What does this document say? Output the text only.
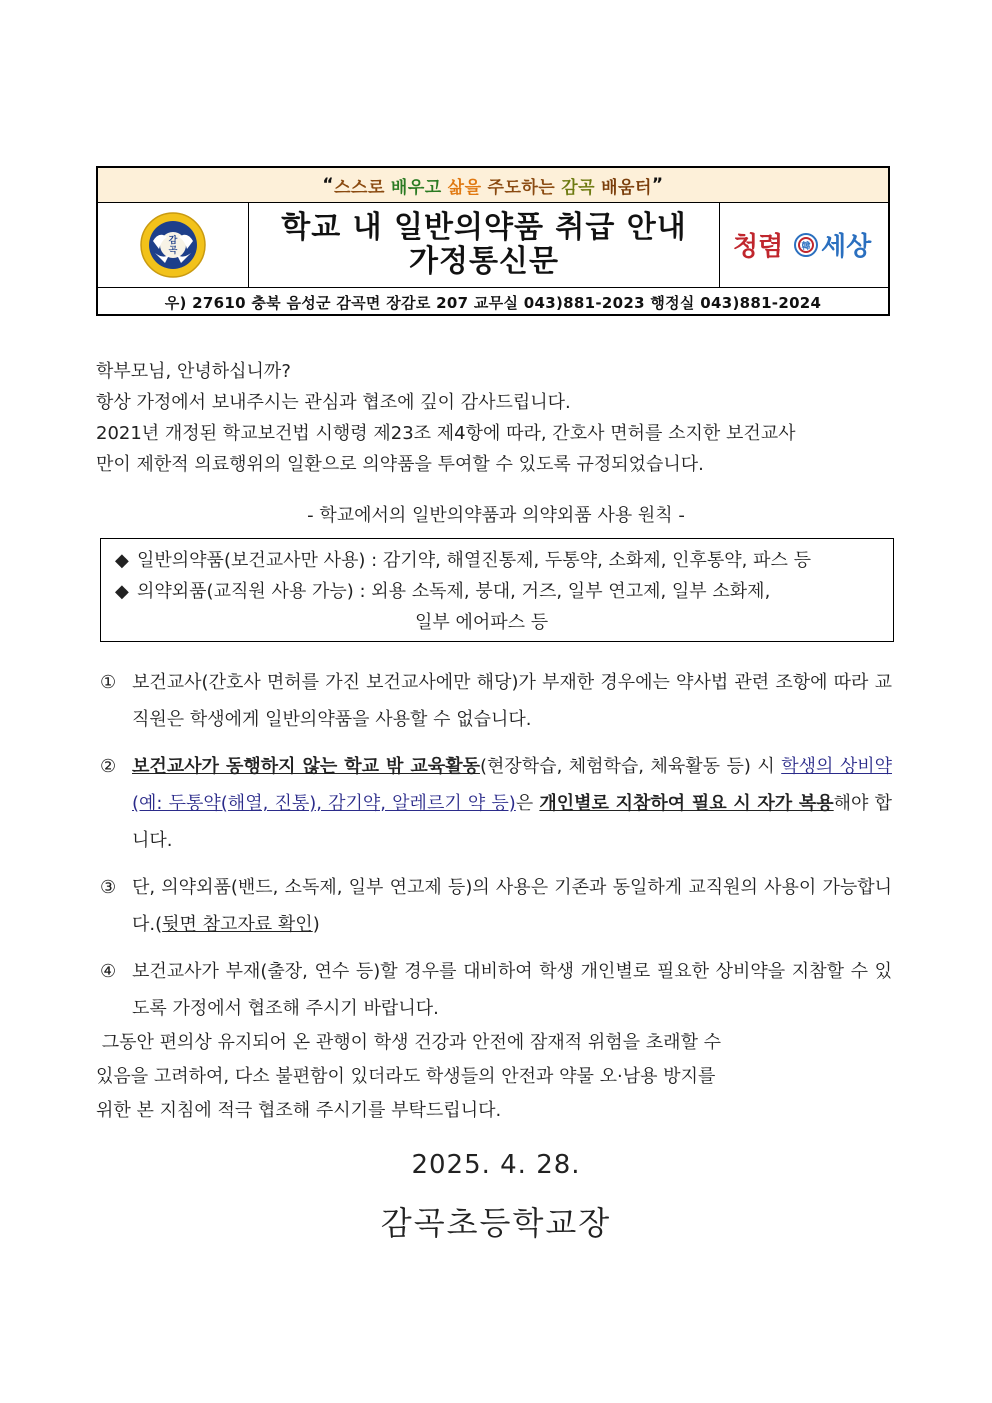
“ 스스로 배우고 삶을 주도하는 감곡 배움터 ”
감
곡
학교 내 일반의약품 취급 안내
가정통신문	청렴 韓 세상
우) 27610 충북 음성군 감곡면 장감로 207 교무실 043)881-2023 행정실 043)881-2024

학부모님, 안녕하십니까?

항상 가정에서 보내주시는 관심과 협조에 깊이 감사드립니다.

2021년 개정된 학교보건법 시행령 제23조 제4항에 따라, 간호사 면허를 소지한 보건교사

만이 제한적 의료행위의 일환으로 의약품을 투여할 수 있도록 규정되었습니다.

- 학교에서의 일반의약품과 의약외품 사용 원칙 -
◆ 일반의약품(보건교사만 사용) : 감기약, 해열진통제, 두통약, 소화제, 인후통약, 파스 등
◆ 의약외품(교직원 사용 가능) : 외용 소독제, 붕대, 거즈, 일부 연고제, 일부 소화제,
일부 에어파스 등
① 보건교사(간호사 면허를 가진 보건교사에만 해당)가 부재한 경우에는 약사법 관련 조항에 따라 교직원은 학생에게 일반의약품을 사용할 수 없습니다.
② 보건교사가 동행하지 않는 학교 밖 교육활동(현장학습, 체험학습, 체육활동 등) 시 학생의 상비약(예: 두통약(해열, 진통), 감기약, 알레르기 약 등)은 개인별로 지참하여 필요 시 자가 복용해야 합니다.
③ 단, 의약외품(밴드, 소독제, 일부 연고제 등)의 사용은 기존과 동일하게 교직원의 사용이 가능합니다.(뒷면 참고자료 확인)
④ 보건교사가 부재(출장, 연수 등)할 경우를 대비하여 학생 개인별로 필요한 상비약을 지참할 수 있도록 가정에서 협조해 주시기 바랍니다.

그동안 편의상 유지되어 온 관행이 학생 건강과 안전에 잠재적 위험을 초래할 수

있음을 고려하여, 다소 불편함이 있더라도 학생들의 안전과 약물 오·남용 방지를

위한 본 지침에 적극 협조해 주시기를 부탁드립니다.

2025. 4. 28.
감곡초등학교장
